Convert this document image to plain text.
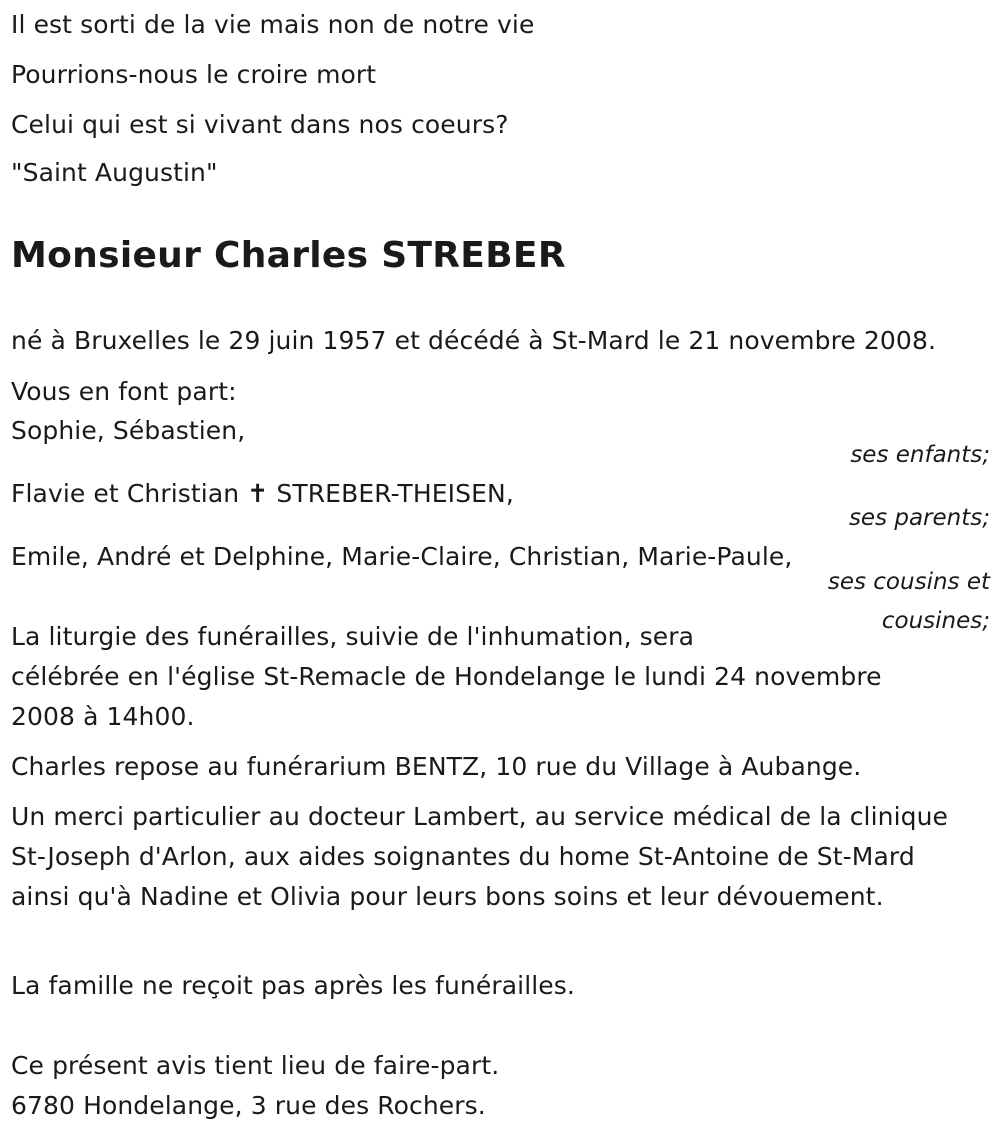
Il est sorti de la vie mais non de notre vie

Pourrions-nous le croire mort

Celui qui est si vivant dans nos coeurs?

"Saint Augustin"

Monsieur Charles STREBER

né à Bruxelles le 29 juin 1957 et décédé à St-Mard le 21 novembre 2008.

Vous en font part:

Sophie, Sébastien,

ses enfants;

Flavie et Christian ✝ STREBER-THEISEN,

ses parents;

Emile, André et Delphine, Marie-Claire, Christian, Marie-Paule,

ses cousins et

cousines;

La liturgie des funérailles, suivie de l'inhumation, sera

célébrée en l'église St-Remacle de Hondelange le lundi 24 novembre

2008 à 14h00.

Charles repose au funérarium BENTZ, 10 rue du Village à Aubange.

Un merci particulier au docteur Lambert, au service médical de la clinique St-Joseph d'Arlon, aux aides soignantes du home St-Antoine de St-Mard ainsi qu'à Nadine et Olivia pour leurs bons soins et leur dévouement.

La famille ne reçoit pas après les funérailles.

Ce présent avis tient lieu de faire-part.

6780 Hondelange, 3 rue des Rochers.
